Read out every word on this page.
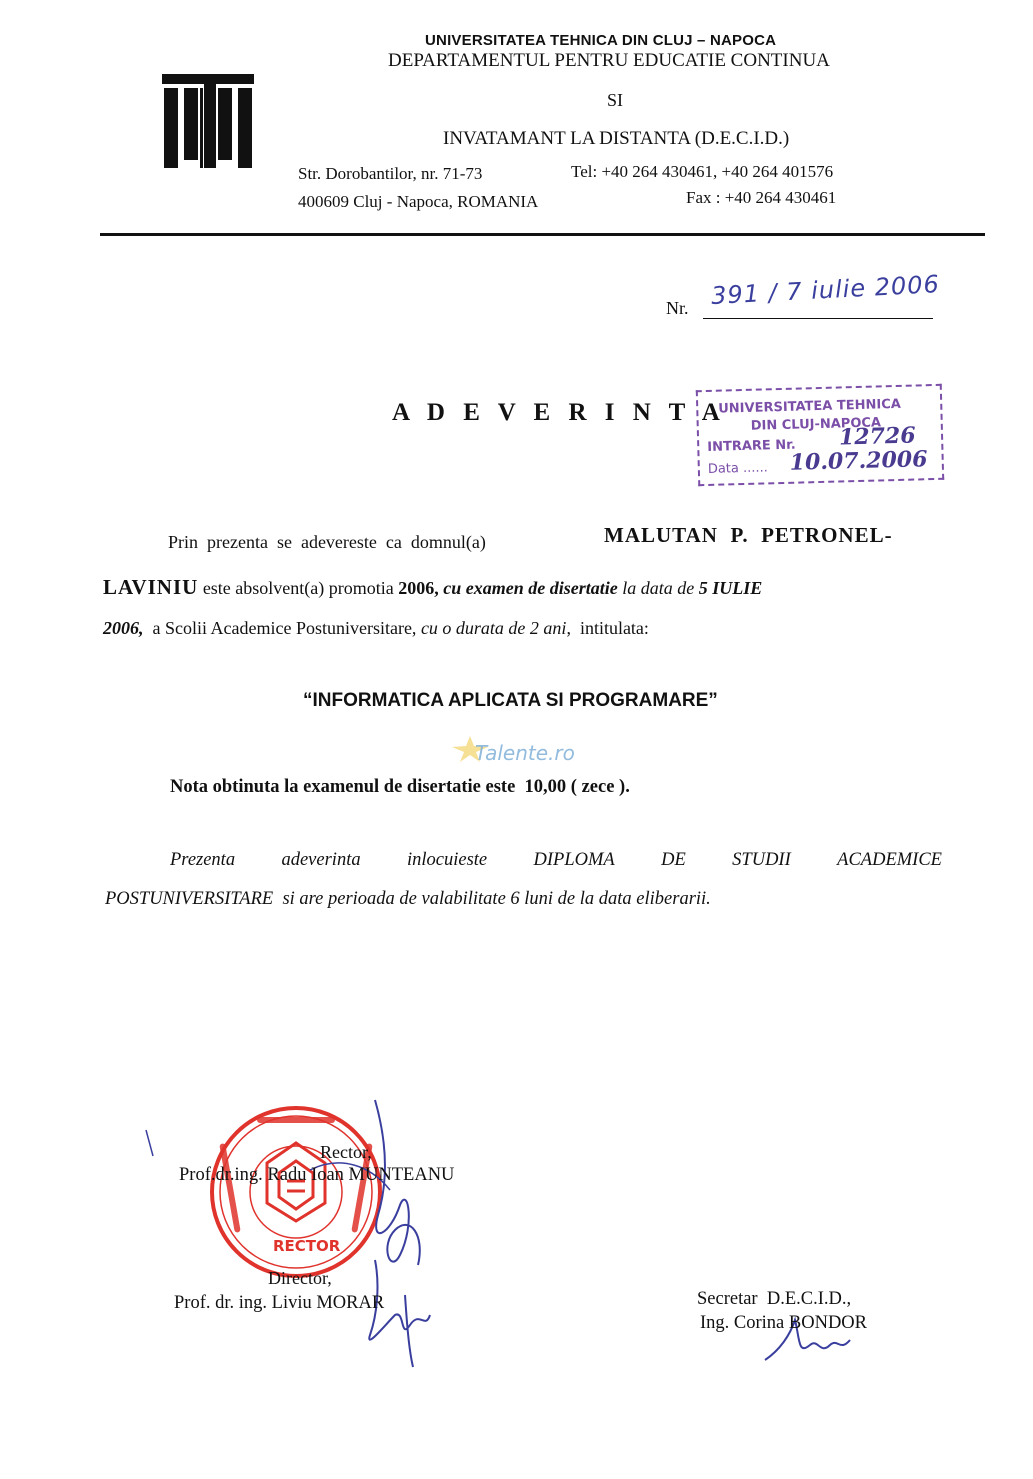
UNIVERSITATEA TEHNICA DIN CLUJ – NAPOCA
DEPARTAMENTUL PENTRU EDUCATIE CONTINUA
SI
INVATAMANT LA DISTANTA (D.E.C.I.D.)
Str. Dorobantilor, nr. 71-73	Tel: +40 264 430461, +40 264 401576
400609 Cluj - Napoca, ROMANIA	Fax : +40 264 430461
Nr. 391 / 7 iulie 2006
A D E V E R I N T A
UNIVERSITATEA TEHNICA
DIN CLUJ-NAPOCA
INTRARE Nr. 12726
Data ...... 10.07.2006
Prin  prezenta  se  adevereste  ca  domnul(a)	MALUTAN  P.  PETRONEL-
LAVINIU este absolvent(a) promotia 2006, cu examen de disertatie la data de 5 IULIE
2006,  a Scolii Academice Postuniversitare, cu o durata de 2 ani,  intitulata:
“INFORMATICA APLICATA SI PROGRAMARE”
Talente.ro
Nota obtinuta la examenul de disertatie este  10,00 ( zece ).
Prezenta	adeverinta	inlocuieste	DIPLOMA	DE	STUDII	ACADEMICE
POSTUNIVERSITARE  si are perioada de valabilitate 6 luni de la data eliberarii.
RECTOR
Rector,
Prof.dr.ing. Radu Ioan MUNTEANU
Director,
Prof. dr. ing. Liviu MORAR	Secretar  D.E.C.I.D.,
Ing. Corina BONDOR
